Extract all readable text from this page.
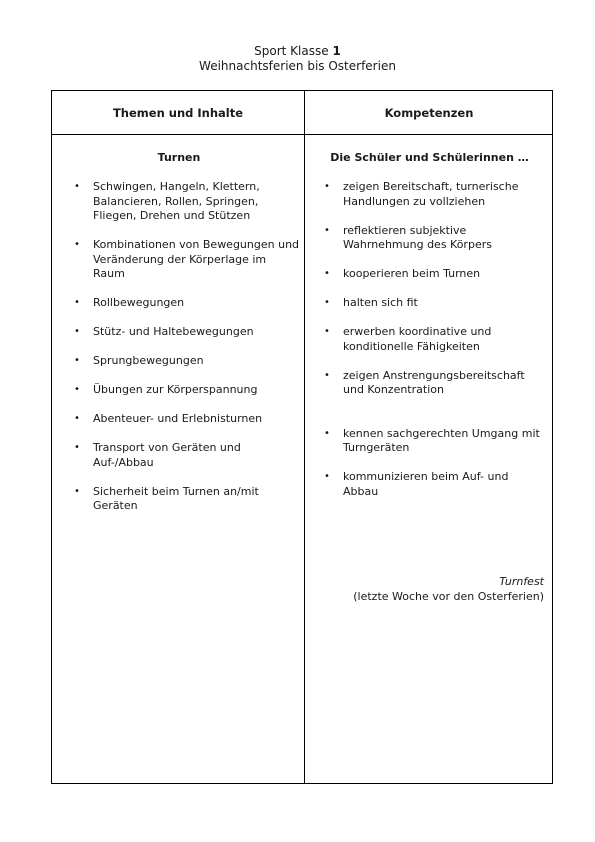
Sport Klasse 1
Weihnachtsferien bis Osterferien
Themen und Inhalte	Kompetenzen
Turnen
• Schwingen, Hangeln, Klettern, Balancieren, Rollen, Springen, Fliegen, Drehen und Stützen
• Kombinationen von Bewegungen und Veränderung der Körperlage im Raum
• Rollbewegungen
• Stütz- und Haltebewegungen
• Sprungbewegungen
• Übungen zur Körperspannung
• Abenteuer- und Erlebnisturnen
• Transport von Geräten und Auf-/Abbau
• Sicherheit beim Turnen an/mit Geräten
Turnfest
(letzte Woche vor den Osterferien)
Die Schüler und Schülerinnen …
• zeigen Bereitschaft, turnerische Handlungen zu vollziehen
• reflektieren subjektive Wahrnehmung des Körpers
• kooperieren beim Turnen
• halten sich fit
• erwerben koordinative und konditionelle Fähigkeiten
• zeigen Anstrengungsbereitschaft und Konzentration
• kennen sachgerechten Umgang mit Turngeräten
• kommunizieren beim Auf- und Abbau
